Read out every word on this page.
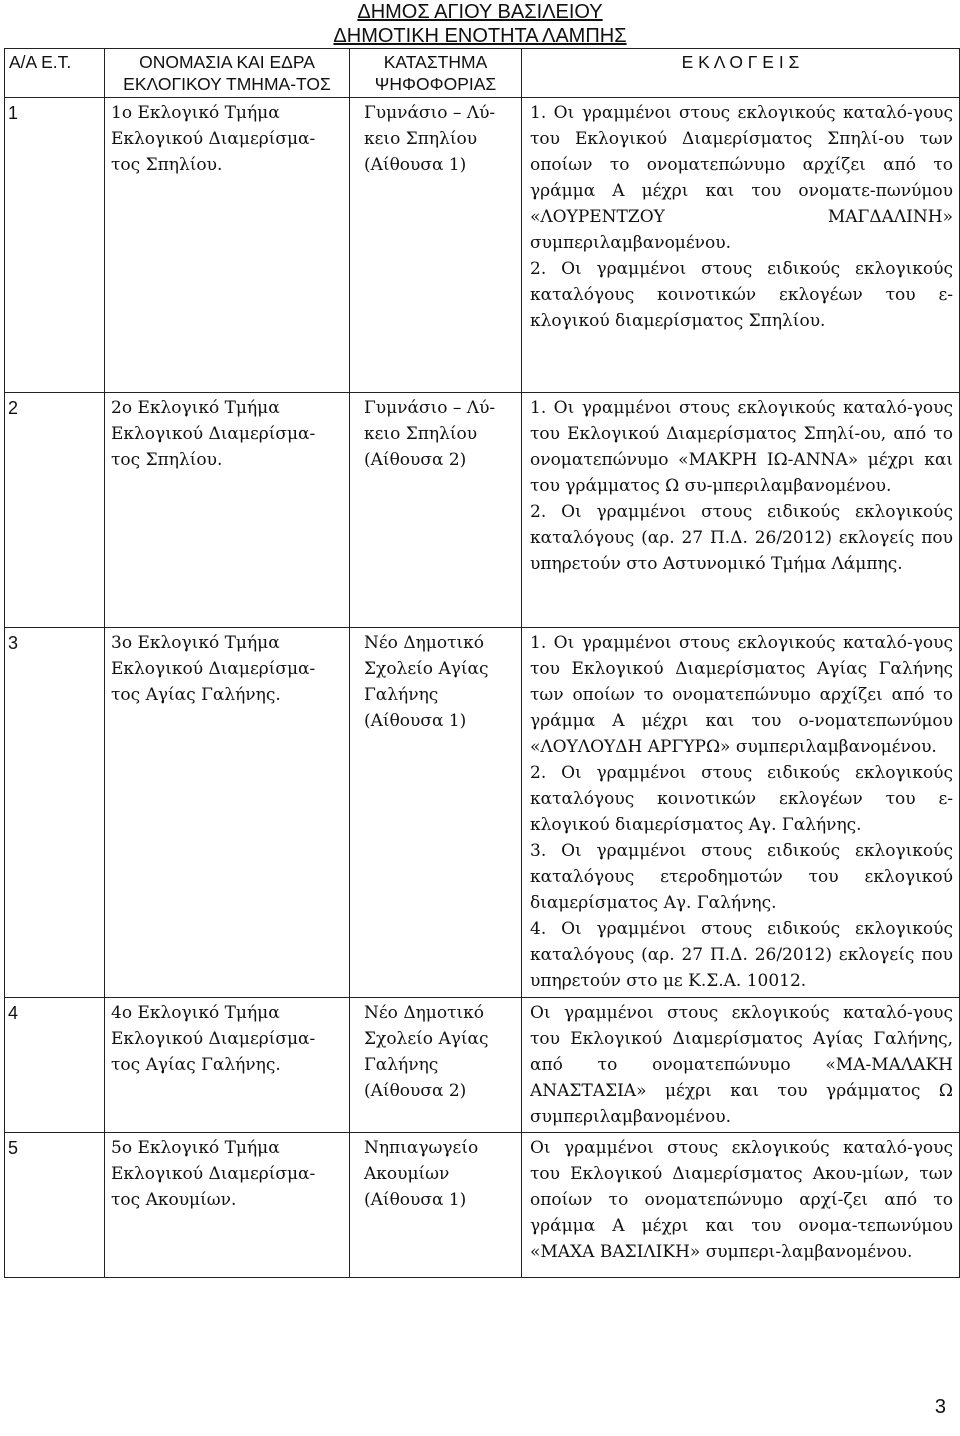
ΔΗΜΟΣ ΑΓΙΟΥ ΒΑΣΙΛΕΙΟΥ
ΔΗΜΟΤΙΚΗ ΕΝΟΤΗΤΑ ΛΑΜΠΗΣ
Α/Α Ε.Τ.	ΟΝΟΜΑΣΙΑ ΚΑΙ ΕΔΡΑ ΕΚΛΟΓΙΚΟΥ ΤΜΗΜΑ-ΤΟΣ	ΚΑΤΑΣΤΗΜΑ ΨΗΦΟΦΟΡΙΑΣ	Ε Κ Λ Ο Γ Ε Ι Σ
1	1ο Εκλογικό Τμήμα Εκλογικού Διαμερίσμα-τος Σπηλίου.	Γυμνάσιο – Λύ-κειο Σπηλίου (Αίθουσα 1)	1. Οι γραμμένοι στους εκλογικούς καταλό-γους του Εκλογικού Διαμερίσματος Σπηλί-ου των οποίων το ονοματεπώνυμο αρχίζει από το γράμμα Α μέχρι και του ονοματε-πωνύμου «ΛΟΥΡΕΝΤΖΟΥ ΜΑΓΔΑΛΙΝΗ» συμπεριλαμβανομένου.
2. Οι γραμμένοι στους ειδικούς εκλογικούς καταλόγους κοινοτικών εκλογέων του ε-κλογικού διαμερίσματος Σπηλίου.

2	2ο Εκλογικό Τμήμα Εκλογικού Διαμερίσμα-τος Σπηλίου.	Γυμνάσιο – Λύ-κειο Σπηλίου (Αίθουσα 2)	1. Οι γραμμένοι στους εκλογικούς καταλό-γους του Εκλογικού Διαμερίσματος Σπηλί-ου, από το ονοματεπώνυμο «ΜΑΚΡΗ ΙΩ-ΑΝΝΑ» μέχρι και του γράμματος Ω συ-μπεριλαμβανομένου.
2. Οι γραμμένοι στους ειδικούς εκλογικούς καταλόγους (αρ. 27 Π.Δ. 26/2012) εκλογείς που υπηρετούν στο Αστυνομικό Τμήμα Λάμπης.

3	3ο Εκλογικό Τμήμα Εκλογικού Διαμερίσμα-τος Αγίας Γαλήνης.	Νέο Δημοτικό Σχολείο Αγίας Γαλήνης (Αίθουσα 1)	1. Οι γραμμένοι στους εκλογικούς καταλό-γους του Εκλογικού Διαμερίσματος Αγίας Γαλήνης των οποίων το ονοματεπώνυμο αρχίζει από το γράμμα Α μέχρι και του ο-νοματεπωνύμου «ΛΟΥΛΟΥΔΗ ΑΡΓΥΡΩ» συμπεριλαμβανομένου.
2. Οι γραμμένοι στους ειδικούς εκλογικούς καταλόγους κοινοτικών εκλογέων του ε-κλογικού διαμερίσματος Αγ. Γαλήνης.
3. Οι γραμμένοι στους ειδικούς εκλογικούς καταλόγους ετεροδημοτών του εκλογικού διαμερίσματος Αγ. Γαλήνης.
4. Οι γραμμένοι στους ειδικούς εκλογικούς καταλόγους (αρ. 27 Π.Δ. 26/2012) εκλογείς που υπηρετούν στο με Κ.Σ.Α. 10012.

4	4ο Εκλογικό Τμήμα Εκλογικού Διαμερίσμα-τος Αγίας Γαλήνης.	Νέο Δημοτικό Σχολείο Αγίας Γαλήνης (Αίθουσα 2)	Οι γραμμένοι στους εκλογικούς καταλό-γους του Εκλογικού Διαμερίσματος Αγίας Γαλήνης, από το ονοματεπώνυμο «ΜΑ-ΜΑΛΑΚΗ ΑΝΑΣΤΑΣΙΑ» μέχρι και του γράμματος Ω συμπεριλαμβανομένου.

5	5ο Εκλογικό Τμήμα Εκλογικού Διαμερίσμα-τος Ακουμίων.	Νηπιαγωγείο Ακουμίων (Αίθουσα 1)	Οι γραμμένοι στους εκλογικούς καταλό-γους του Εκλογικού Διαμερίσματος Ακου-μίων, των οποίων το ονοματεπώνυμο αρχί-ζει από το γράμμα Α μέχρι και του ονομα-τεπωνύμου «ΜΑΧΑ ΒΑΣΙΛΙΚΗ» συμπερι-λαμβανομένου.
3
